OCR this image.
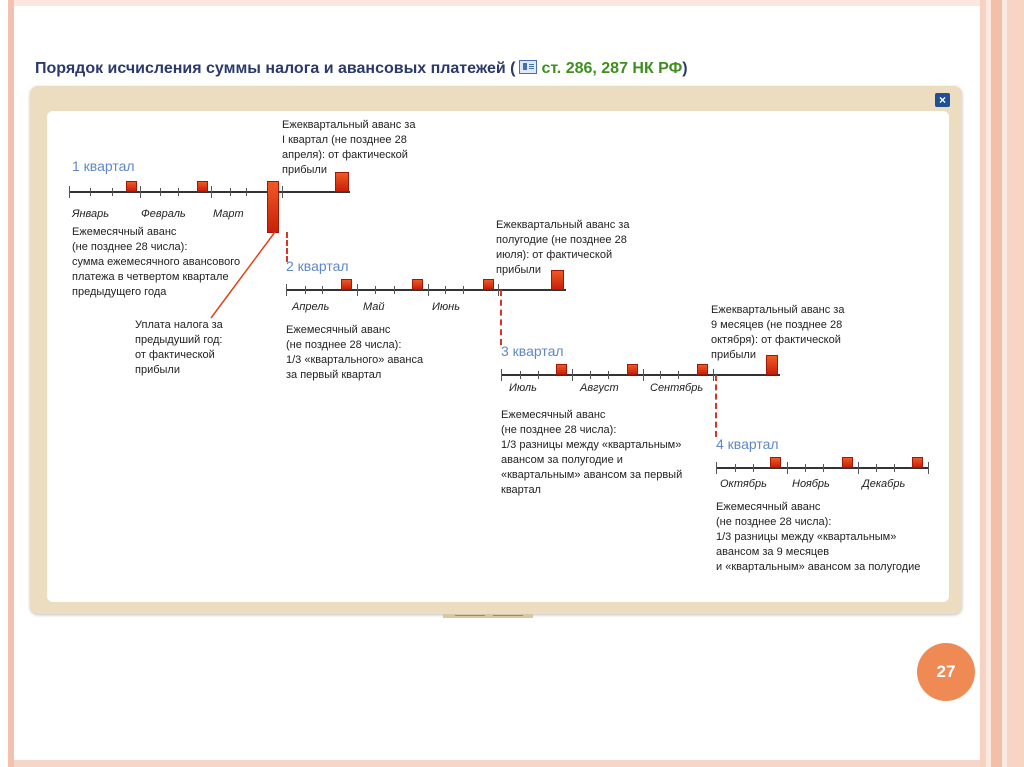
Порядок исчисления суммы налога и авансовых платежей ( ст. 286, 287 НК РФ)
×
1 квартал
Январь	Февраль Март
Ежеквартальный аванс за
I квартал (не позднее 28
апреля): от фактической
прибыли
Ежемесячный аванс
(не позднее 28 числа):
сумма ежемесячного авансового
платежа в четвертом квартале
предыдущего года
Уплата налога за
предыдуший год:
от фактической
прибыли
2 квартал
Апрель	Май	Июнь
Ежеквартальный аванс за
полугодие (не позднее 28
июля): от фактической
прибыли
Ежемесячный аванс
(не позднее 28 числа):
1/3 «квартального» аванса
за первый квартал
3 квартал
Июль	Август	Сентябрь
Ежеквартальный аванс за
9 месяцев (не позднее 28
октября): от фактической
прибыли
Ежемесячный аванс
(не позднее 28 числа):
1/3 разницы между «квартальным»
авансом за полугодие и
«квартальным» авансом за первый
квартал
4 квартал
Октябрь Ноябрь	Декабрь
Ежемесячный аванс
(не позднее 28 числа):
1/3 разницы между «квартальным»
авансом за 9 месяцев
и «квартальным» авансом за полугодие
27
